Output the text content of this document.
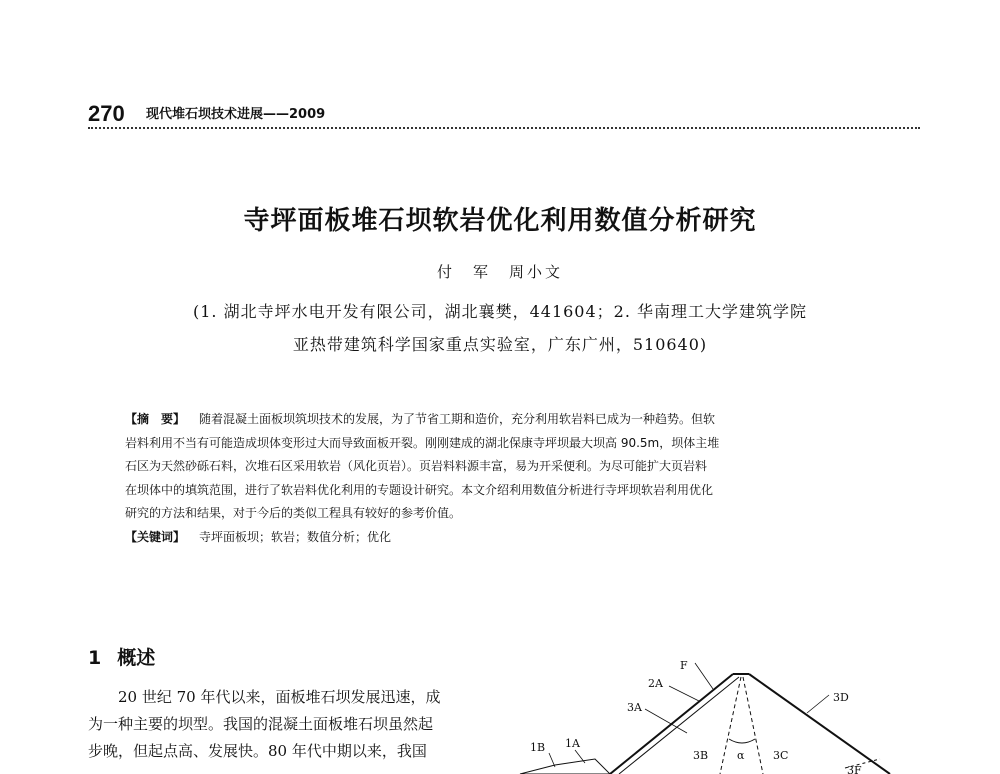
270 现代堆石坝技术进展——2009
寺坪面板堆石坝软岩优化利用数值分析研究
付　军　周小文
(1. 湖北寺坪水电开发有限公司，湖北襄樊，441604；2. 华南理工大学建筑学院
亚热带建筑科学国家重点实验室，广东广州，510640)
【摘　要】 随着混凝土面板坝筑坝技术的发展，为了节省工期和造价，充分利用软岩料已成为一种趋势。但软
岩料利用不当有可能造成坝体变形过大而导致面板开裂。刚刚建成的湖北保康寺坪坝最大坝高 90.5m，坝体主堆
石区为天然砂砾石料，次堆石区采用软岩（风化页岩）。页岩料料源丰富，易为开采便利。为尽可能扩大页岩料
在坝体中的填筑范围，进行了软岩料优化利用的专题设计研究。本文介绍利用数值分析进行寺坪坝软岩利用优化
研究的方法和结果，对于今后的类似工程具有较好的参考价值。
【关键词】 寺坪面板坝；软岩；数值分析；优化
1 概述
20 世纪 70 年代以来，面板堆石坝发展迅速，成
为一种主要的坝型。我国的混凝土面板堆石坝虽然起
步晚，但起点高、发展快。80 年代中期以来，我国
F
2A
3A
1B 1A
3B	α	3C
3D
3F
